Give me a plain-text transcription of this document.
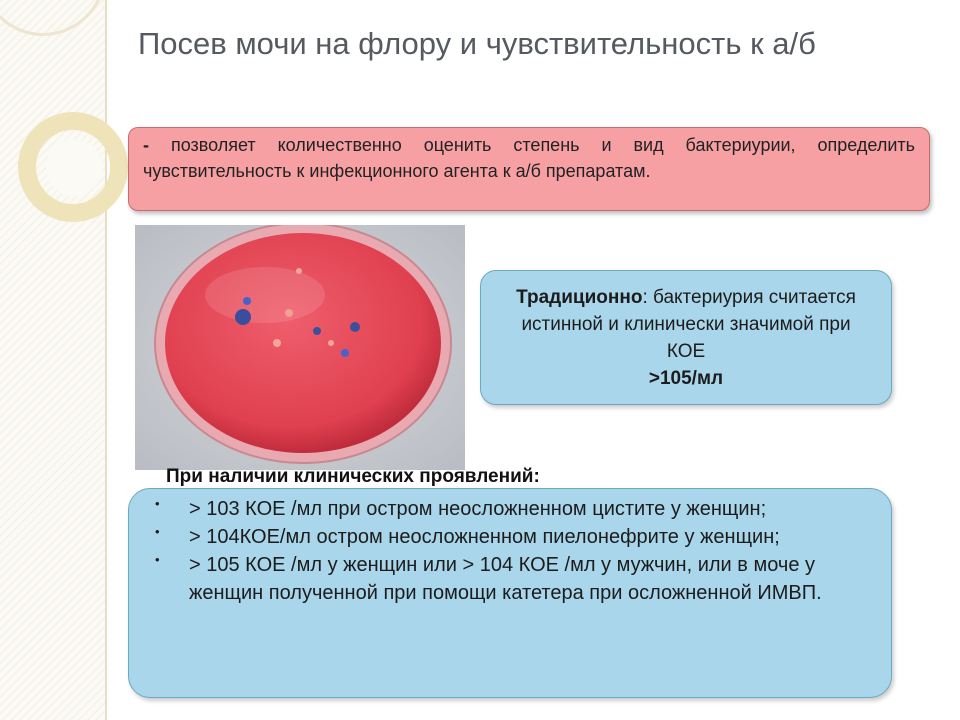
Посев мочи на флору и чувствительность к а/б
- позволяет количественно оценить степень и вид бактериурии, определить чувствительность к инфекционного агента к а/б препаратам.

Традиционно: бактериурия считается истинной и клинически значимой при КОЕ
>105/мл

• > 103 КОЕ /мл при остром неосложненном цистите у женщин;
• > 104КОЕ/мл остром неосложненном пиелонефрите у женщин;
• > 105 КОЕ /мл у женщин или > 104 КОЕ /мл у мужчин, или в моче у женщин полученной при помощи катетера при осложненной ИМВП.

При наличии клинических проявлений:
